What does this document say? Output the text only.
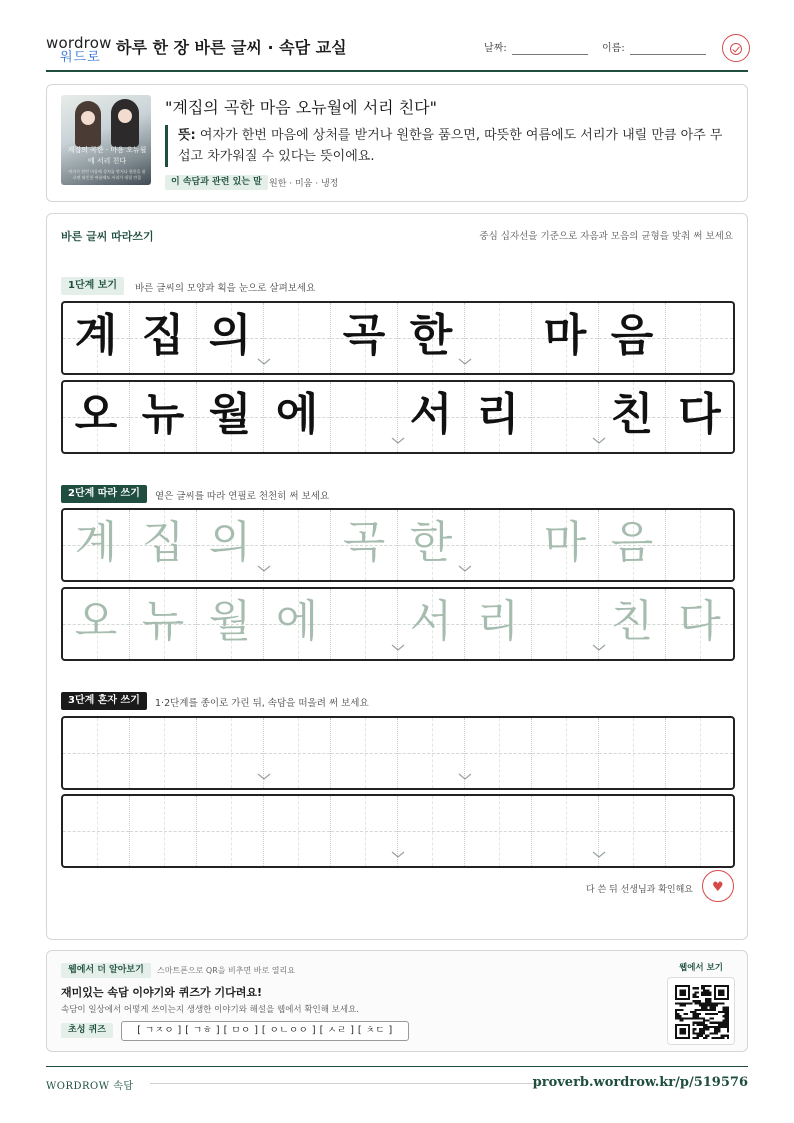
wordrow
워드로
하루 한 장 바른 글씨 · 속담 교실	날짜:	이름:
계집의 곡한 · 마음 오뉴월에 서리 친다
여자가 한번 마음에 상처를 받거나 원한을 품으면 따뜻한 여름에도 서리가 내릴 만큼
"계집의 곡한 마음 오뉴월에 서리 친다"
뜻: 여자가 한번 마음에 상처를 받거나 원한을 품으면, 따뜻한 여름에도 서리가 내릴 만큼 아주 무섭고 차가워질 수 있다는 뜻이에요.
이 속담과 관련 있는 말 원한 · 미움 · 냉정
바른 글씨 따라쓰기	중심 십자선을 기준으로 자음과 모음의 균형을 맞춰 써 보세요
1단계 보기	바른 글씨의 모양과 획을 눈으로 살펴보세요
계 집 의 곡 한 마 음
오 뉴 월 에 서 리 친 다
2단계 따라 쓰기	옅은 글씨를 따라 연필로 천천히 써 보세요
계 집 의 곡 한 마 음
오 뉴 월 에 서 리 친 다
3단계 혼자 쓰기	1·2단계를 종이로 가린 뒤, 속담을 떠올려 써 보세요
다 쓴 뒤 선생님과 확인해요 ♥
웹에서 더 알아보기	스마트폰으로 QR을 비추면 바로 열리요
재미있는 속담 이야기와 퀴즈가 기다려요!
속담이 일상에서 어떻게 쓰이는지 생생한 이야기와 해설을 웹에서 확인해 보세요.
초성 퀴즈	[ ㄱㅈㅇ ] [ ㄱㅎ ] [ ㅁㅇ ] [ ㅇㄴㅇㅇ ] [ ㅅㄹ ] [ ㅊㄷ ]
웹에서 보기
WORDROW 속담	proverb.wordrow.kr/p/519576
